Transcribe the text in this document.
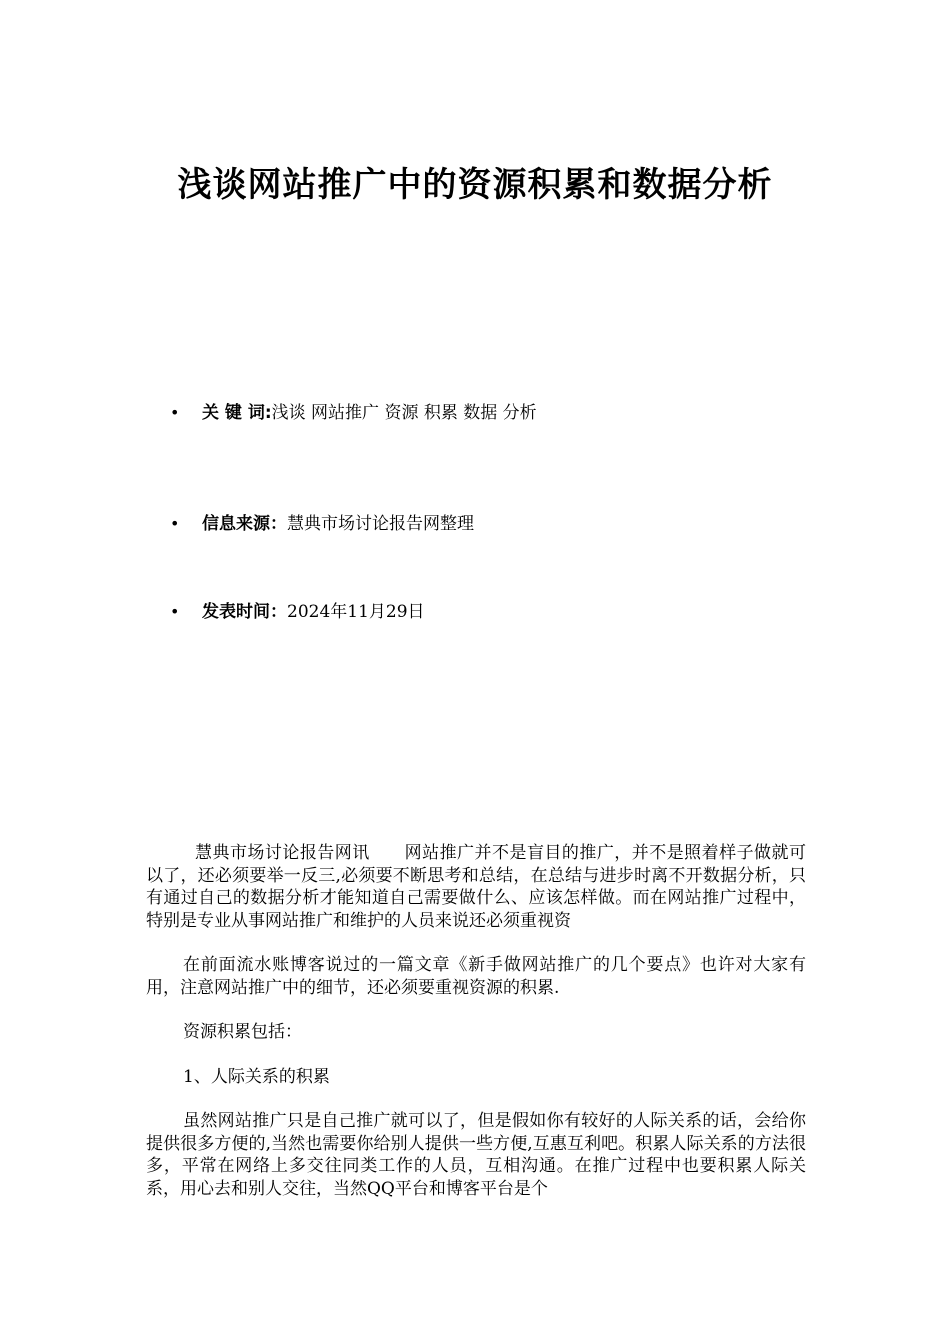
浅谈网站推广中的资源积累和数据分析
• 关 键 词:浅谈 网站推广 资源 积累 数据 分析
• 信息来源：慧典市场讨论报告网整理
• 发表时间：2024年11月29日

慧典市场讨论报告网讯　　网站推广并不是盲目的推广，并不是照着样子做就可以了，还必须要举一反三,必须要不断思考和总结，在总结与进步时离不开数据分析，只有通过自己的数据分析才能知道自己需要做什么、应该怎样做。而在网站推广过程中，特别是专业从事网站推广和维护的人员来说还必须重视资

在前面流水账博客说过的一篇文章《新手做网站推广的几个要点》也许对大家有用，注意网站推广中的细节，还必须要重视资源的积累.

资源积累包括：

1、人际关系的积累

虽然网站推广只是自己推广就可以了，但是假如你有较好的人际关系的话，会给你提供很多方便的,当然也需要你给别人提供一些方便,互惠互利吧。积累人际关系的方法很多，平常在网络上多交往同类工作的人员，互相沟通。在推广过程中也要积累人际关系，用心去和别人交往，当然QQ平台和博客平台是个
